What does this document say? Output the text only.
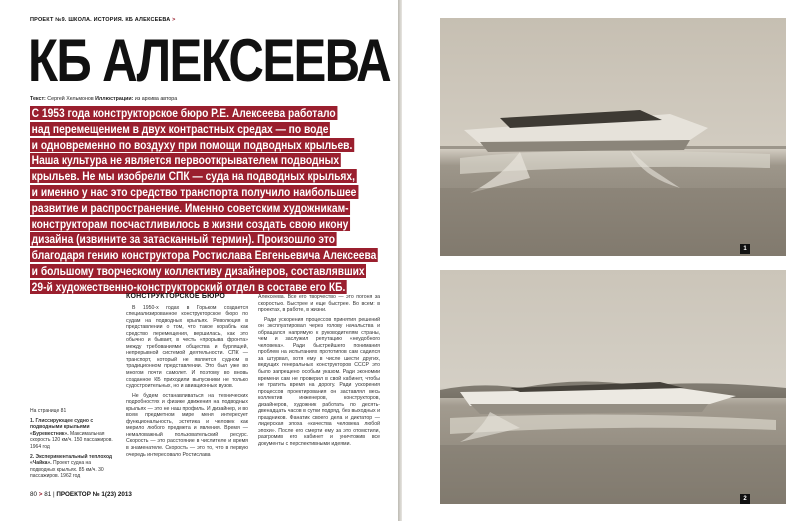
ПРОЕКТ №9. ШКОЛА. ИСТОРИЯ. КБ АЛЕКСЕЕВА >
КБ АЛЕКСЕЕВА
Текст: Сергей Хельмонов Иллюстрации: из архива автора
С 1953 года конструкторское бюро Р.Е. Алексеева работало
над перемещением в двух контрастных средах — по воде
и одновременно по воздуху при помощи подводных крыльев.
Наша культура не является первооткрывателем подводных
крыльев. Не мы изобрели СПК — суда на подводных крыльях,
и именно у нас это средство транспорта получило наибольшее
развитие и распространение. Именно советским художникам-
конструкторам посчастливилось в жизни создать свою икону
дизайна (извините за затасканный термин). Произошло это
благодаря гению конструктора Ростислава Евгеньевича Алексеева
и большому творческому коллективу дизайнеров, составлявших
29-й художественно-конструкторский отдел в составе его КБ.

На странице 81

1. Глиссирующее судно с подводными крыльями «Буревестник». Максимальная скорость 120 км/ч. 150 пассажиров. 1964 год

2. Экспериментальный теплоход «Чайка». Проект судна на подводных крыльях. 85 км/ч. 30 пассажиров. 1962 год

КОНСТРУКТОРСКОЕ БЮРО

В 1950-х годах в Горьком создается специализированное конструкторское бюро по судам на подводных крыльях. Революция в представлении о том, что такое корабль как средство перемещения, вершилась, как это обычно и бывает, в честь «прорыва фронта» между требованиями общества и бурлящей, непрерывной системой деятельности. СПК — транспорт, который не является судном в традиционном представлении. Это был уже во многом почти самолет. И поэтому во вновь созданное КБ приходили выпускники не только судостроительных, но и авиационных вузов.

Не будем останавливаться на технических подробностях и физике движения на подводных крыльях — это не наш профиль. И дизайнер, и во всем предметном мире меня интересует функциональность, эстетика и человек как мерило любого предмета и явления. Время — немаловажный пользовательский ресурс. Скорость — это расстояние в числителе и время в знаменателе. Скорость — это то, что в первую очередь интересовало Ростислава

Алексеева. Все его творчество — это погоня за скоростью. Быстрее и еще быстрее. Во всем: в проектах, в работе, в жизни.

Ради ускорения процессов принятия решений он эксплуатировал через голову начальства и обращался напрямую к руководителям страны, чем и заслужил репутацию «неудобного человека». Ради быстрейшего понимания проблем на испытаниях прототипов сам садился за штурвал, хотя ему в числе шести других, ведущих генеральных конструкторов СССР это было запрещено особым указом. Ради экономии времени сам не проверил в свой кабинет, чтобы не тратить время на дорогу. Ради ускорения процессов проектирования он заставлял весь коллектив инженеров, конструкторов, дизайнеров, художник работать по десять-двенадцать часов в сутки подряд, без выходных и праздников. Фанатик своего дела и диктатор — лидерская эпоха «качества человека любой эпохи». После его смерти ему за это отомстили, разгромив его кабинет и уничтожив все документы с перспективными идеями.

80 > 81 | ПРОЕКТОР № 1(23) 2013
1
2
